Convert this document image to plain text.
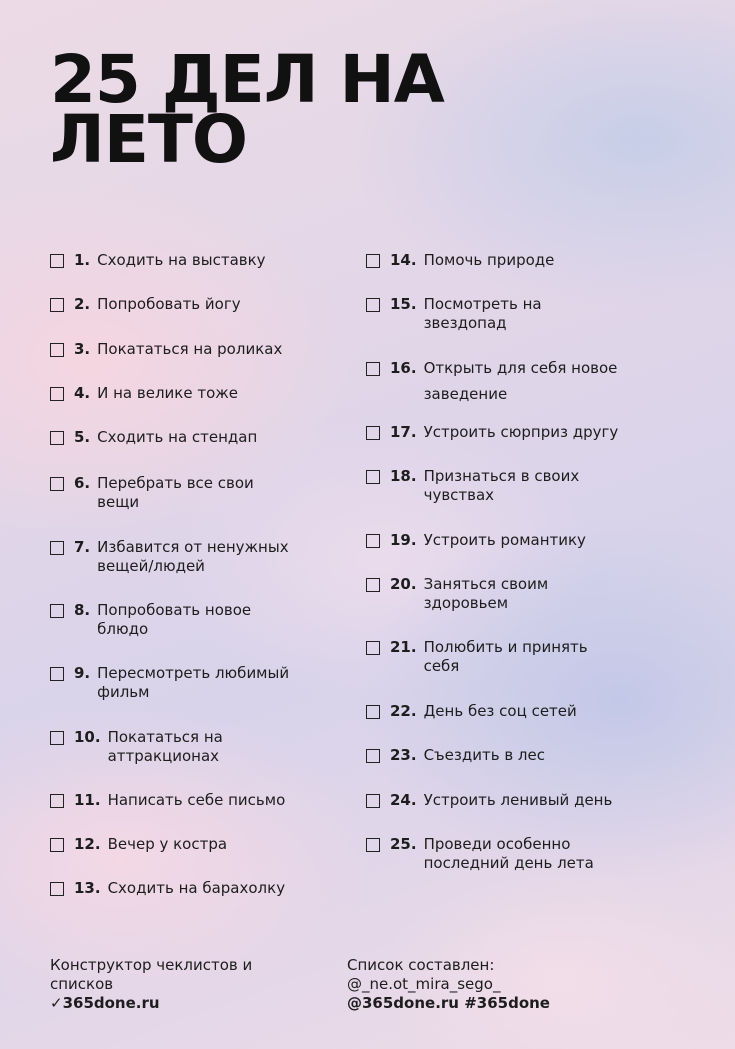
25 ДЕЛ НА
ЛЕТО
1. Сходить на выставку
2. Попробовать йогу
3. Покататься на роликах
4. И на велике тоже
5. Сходить на стендап
6. Перебрать все свои вещи
7. Избавится от ненужных вещей/людей
8. Попробовать новое блюдо
9. Пересмотреть любимый фильм
10. Покататься на аттракционах
11. Написать себе письмо
12. Вечер у костра
13. Сходить на барахолку
14. Помочь природе
15. Посмотреть на звездопад
16. Открыть для себя новое заведение
17. Устроить сюрприз другу
18. Признаться в своих чувствах
19. Устроить романтику
20. Заняться своим здоровьем
21. Полюбить и принять себя
22. День без соц сетей
23. Съездить в лес
24. Устроить ленивый день
25. Проведи особенно последний день лета
Конструктор чеклистов и
списков
✓365done.ru
Список составлен:
@_ne.ot_mira_sego_
@365done.ru #365done
